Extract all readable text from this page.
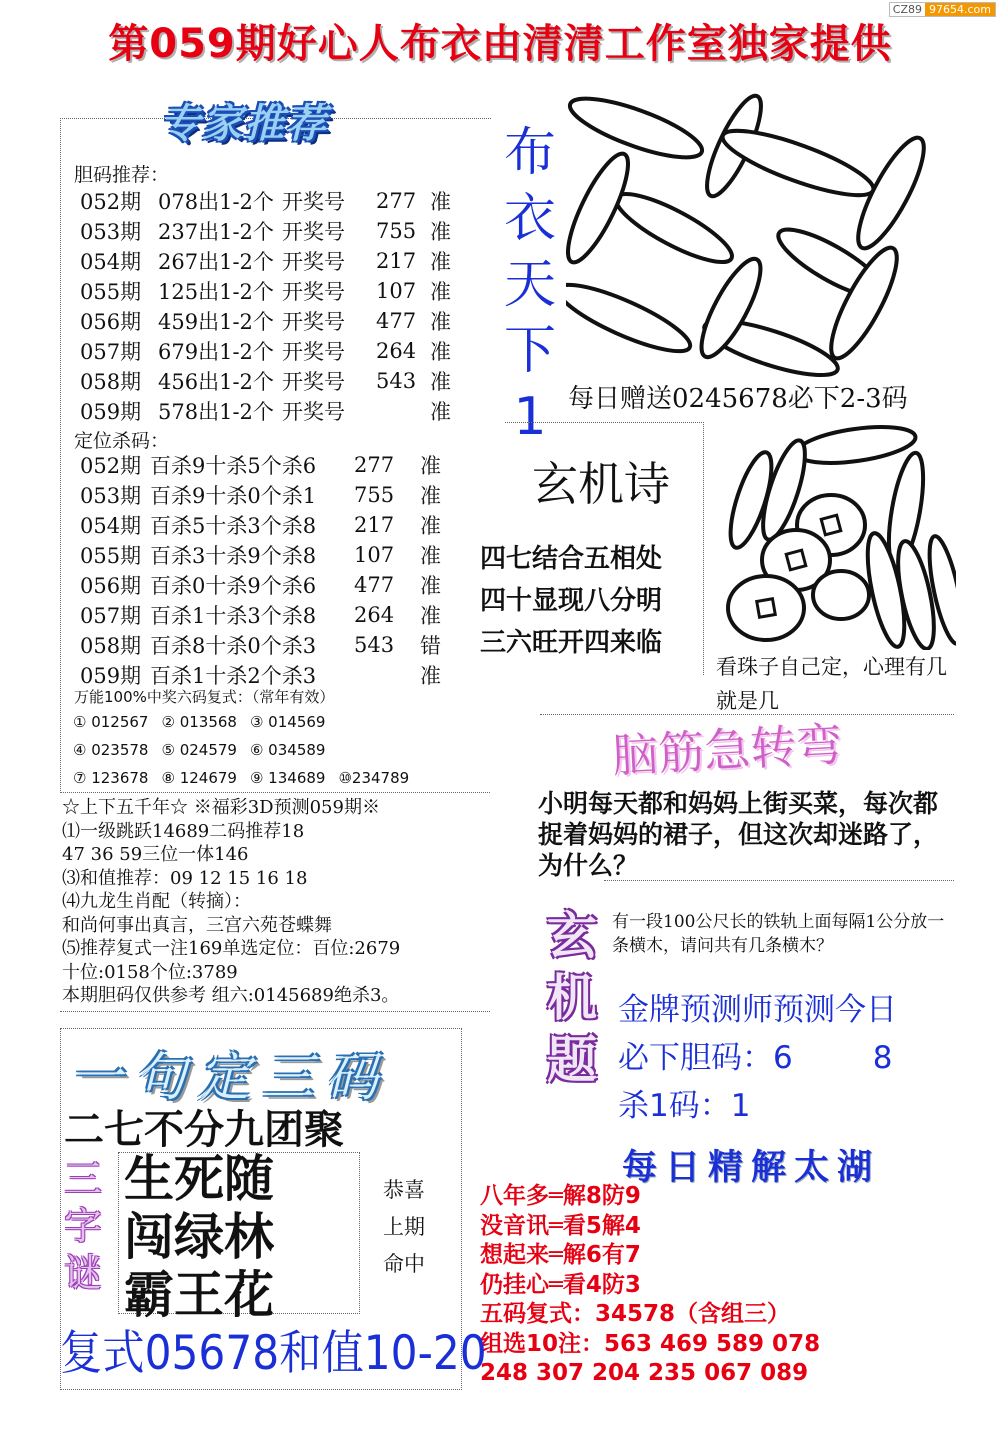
第059期好心人布衣由清清工作室独家提供
CZ89 97654.com
专家推荐
胆码推荐：
052期	078出1-2个	开奖号	277	准
053期	237出1-2个	开奖号	755	准
054期	267出1-2个	开奖号	217	准
055期	125出1-2个	开奖号	107	准
056期	459出1-2个	开奖号	477	准
057期	679出1-2个	开奖号	264	准
058期	456出1-2个	开奖号	543	准
059期	578出1-2个	开奖号		准
定位杀码：
052期	百杀9十杀5个杀6	277	准
053期	百杀9十杀0个杀1	755	准
054期	百杀5十杀3个杀8	217	准
055期	百杀3十杀9个杀8	107	准
056期	百杀0十杀9个杀6	477	准
057期	百杀1十杀3个杀8	264	准
058期	百杀8十杀0个杀3	543	错
059期	百杀1十杀2个杀3		准
万能100%中奖六码复式：（常年有效）
① 012567	② 013568	③ 014569	
④ 023578	⑤ 024579	⑥ 034589	
⑦ 123678	⑧ 124679	⑨ 134689	⑩234789
☆上下五千年☆ ※福彩3D预测059期※
⑴一级跳跃14689二码推荐18
47 36 59三位一体146
⑶和值推荐：09 12 15 16 18
⑷九龙生肖配（转摘）：
和尚何事出真言，三宫六苑苍蝶舞
⑸推荐复式一注169单选定位：百位:2679
十位:0158个位:3789
本期胆码仅供参考 组六:0145689绝杀3。
布
衣
天
下
1 每日赠送0245678必下2-3码
玄机诗
四七结合五相处
四十显现八分明
三六旺开四来临
看珠子自己定，心理有几就是几
脑筋急转弯
小明每天都和妈妈上街买菜，每次都捉着妈妈的裙子，但这次却迷路了，为什么？
玄
机
题
有一段100公尺长的铁轨上面每隔1公分放一条横木，请问共有几条横木？
金牌预测师预测今日
必下胆码：6	8
杀1码：1
每日精解太湖
八年多═解8防9
没音讯═看5解4
想起来═解6有7
仍挂心═看4防3
五码复式：34578（含组三）
组选10注：563 469 589 078
248 307 204 235 067 089
一句定三码
二七不分九团聚
三
字
谜
生死随
闯绿林
霸王花
恭喜
上期
命中
复式05678和值10-20
